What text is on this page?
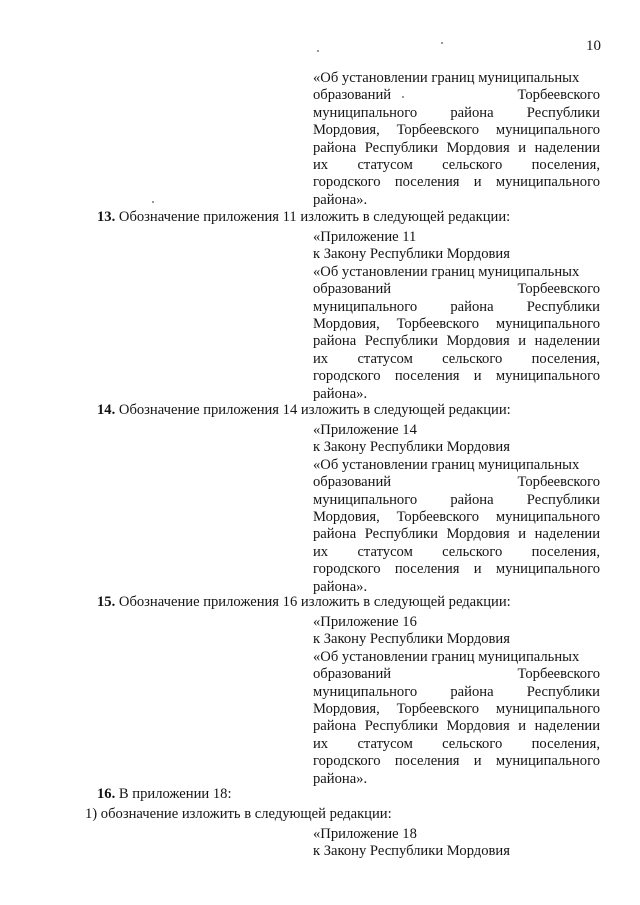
10
«Об установлении границ муниципальных
образований	Торбеевского
муниципального района Республики
Мордовия, Торбеевского муниципального
района Республики Мордовия и наделении
их статусом сельского поселения,
городского поселения и муниципального
района».
13. Обозначение приложения 11 изложить в следующей редакции:
«Приложение 11
к Закону Республики Мордовия
«Об установлении границ муниципальных
образований	Торбеевского
муниципального района Республики
Мордовия, Торбеевского муниципального
района Республики Мордовия и наделении
их статусом сельского поселения,
городского поселения и муниципального
района».
14. Обозначение приложения 14 изложить в следующей редакции:
«Приложение 14
к Закону Республики Мордовия
«Об установлении границ муниципальных
образований	Торбеевского
муниципального района Республики
Мордовия, Торбеевского муниципального
района Республики Мордовия и наделении
их статусом сельского поселения,
городского поселения и муниципального
района».
15. Обозначение приложения 16 изложить в следующей редакции:
«Приложение 16
к Закону Республики Мордовия
«Об установлении границ муниципальных
образований	Торбеевского
муниципального района Республики
Мордовия, Торбеевского муниципального
района Республики Мордовия и наделении
их статусом сельского поселения,
городского поселения и муниципального
района».
16. В приложении 18:
1) обозначение изложить в следующей редакции:
«Приложение 18
к Закону Республики Мордовия
